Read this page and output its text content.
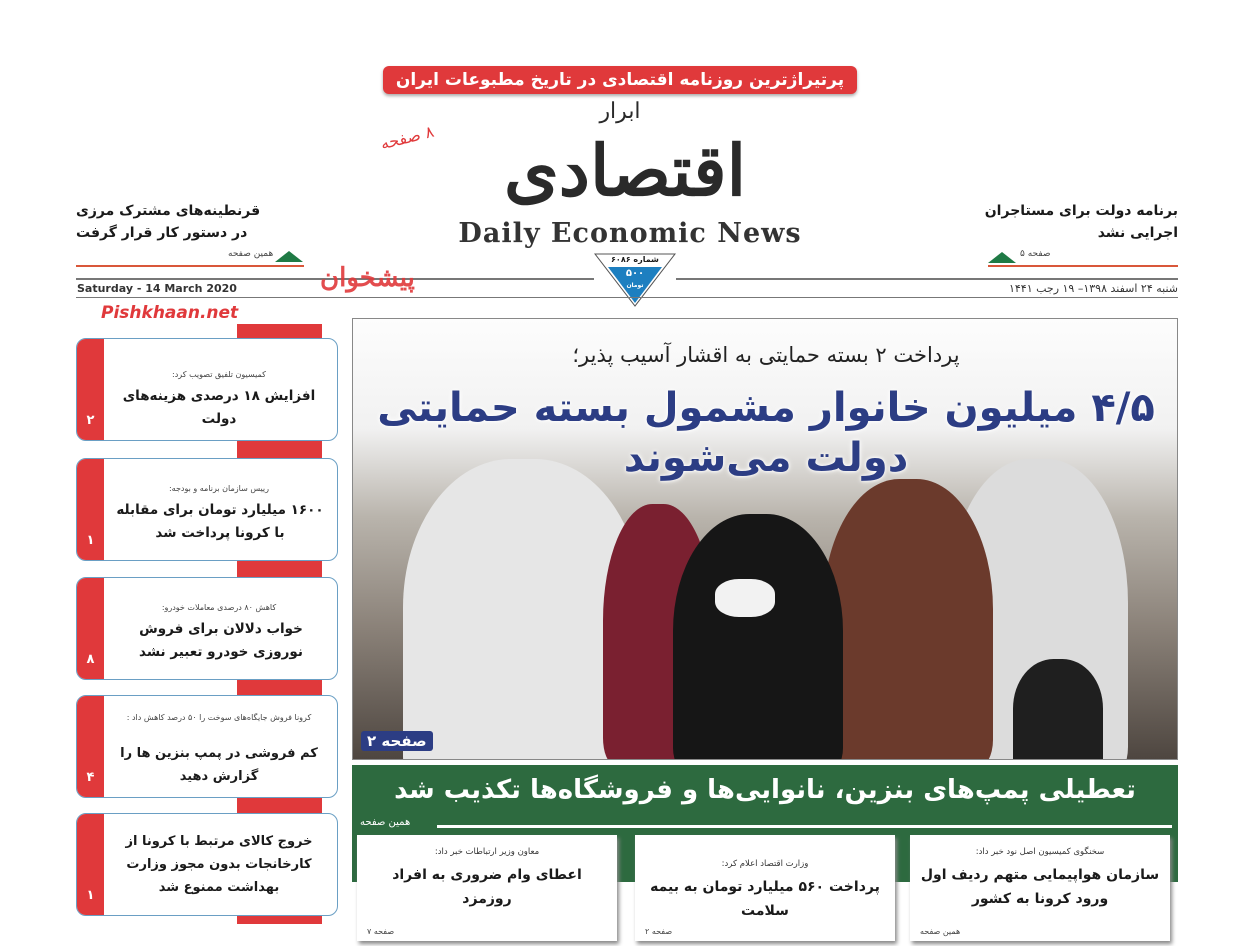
پرتیراژترین روزنامه اقتصادی در تاریخ مطبوعات ایران
۸ صفحه
ابرار
اقتصادی
Daily Economic News
شماره ۶۰۸۶
۵۰۰
تومان
قرنطینه‌های مشترک مرزی
در دستور کار قرار گرفت
همین صفحه
برنامه دولت برای مستاجران
اجرایی نشد
صفحه ۵
Saturday - 14 March 2020	شنبه ۲۴ اسفند ۱۳۹۸– ۱۹ رجب ۱۴۴۱
پیشخوان
Pishkhaan.net
۲
کمیسیون تلفیق تصویب کرد:
افزایش ۱۸ درصدی هزینه‌های دولت
۱
رییس سازمان برنامه و بودجه:
۱۶۰۰ میلیارد تومان برای مقابله با کرونا پرداخت شد
۸
کاهش ۸۰ درصدی معاملات خودرو:
خواب دلالان برای فروش نوروزی خودرو تعبیر نشد
۴
کرونا فروش جایگاه‌های سوخت را ۵۰ درصد کاهش داد :
کم فروشی در پمپ بنزین ها را گزارش دهید
۱
خروج کالای مرتبط با کرونا از کارخانجات بدون مجوز وزارت بهداشت ممنوع شد
پرداخت ۲ بسته حمایتی به اقشار آسیب پذیر؛
۴/۵ میلیون خانوار مشمول بسته حمایتی دولت می‌شوند
صفحه ۲
تعطیلی پمپ‌های بنزین، نانوایی‌ها و فروشگاه‌ها تکذیب شد
همین صفحه
سخنگوی کمیسیون اصل نود خبر داد:
سازمان هواپیمایی متهم ردیف اول ورود کرونا به کشور
همین صفحه
وزارت اقتصاد اعلام کرد:
پرداخت ۵۶۰ میلیارد تومان به بیمه سلامت
صفحه ۲
معاون وزیر ارتباطات خبر داد:
اعطای وام ضروری به افراد روزمزد
صفحه ۷
